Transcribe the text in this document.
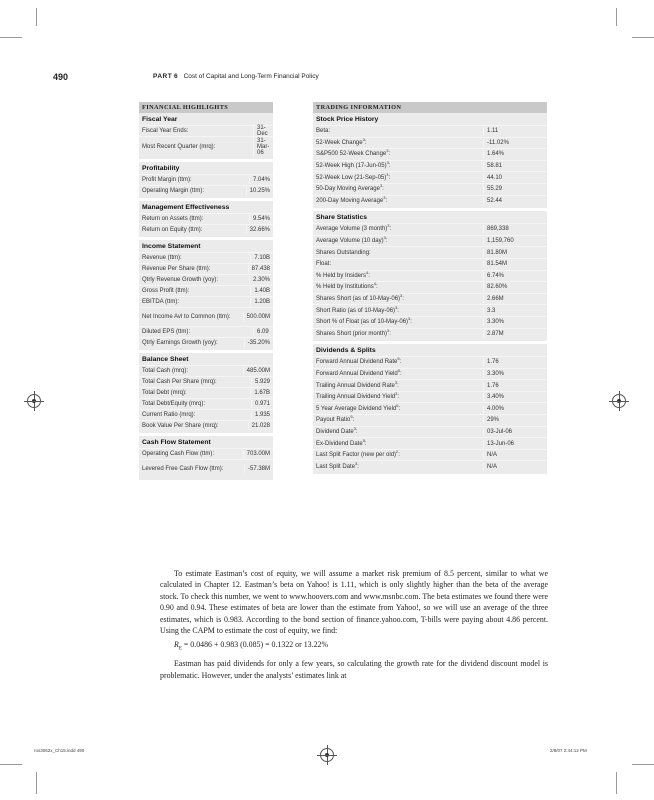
490	PART 6 Cost of Capital and Long-Term Financial Policy
FINANCIAL HIGHLIGHTS
Fiscal Year
Fiscal Year Ends:	31-Dec
Most Recent Quarter (mrq):
31-Mar-06
Profitability
Profit Margin (ttm):	7.04%
Operating Margin (ttm):	10.25%
Management Effectiveness
Return on Assets (ttm):	9.54%
Return on Equity (ttm):	32.66%
Income Statement
Revenue (ttm):	7.10B
Revenue Per Share (ttm):	87.438
Qtrly Revenue Growth (yoy):	2.30%
Gross Profit (ttm):	1.40B
EBITDA (ttm):	1.20B
Net Income Avl to Common (ttm):	500.00M
Diluted EPS (ttm):	6.09
Qtrly Earnings Growth (yoy):	-35.20%
Balance Sheet
Total Cash (mrq):	485.00M
Total Cash Per Share (mrq):	5.929
Total Debt (mrq):	1.67B
Total Debt/Equity (mrq):	0.971
Current Ratio (mrq):	1.935
Book Value Per Share (mrq):	21.028
Cash Flow Statement
Operating Cash Flow (ttm):	703.00M
Levered Free Cash Flow (ttm):	-57.38M
TRADING INFORMATION
Stock Price History
Beta:	1.11
52-Week Change$^3$:	-11.02%
S&P500 52-Week Change$^3$:	1.64%
52-Week High $(17-Jun-05)^3$:	58.81
52-Week Low $(21-Sep-05)^3$:	44.10
50-Day Moving Average$^3$:	55.29
200-Day Moving Average$^3$:	52.44
Share Statistics
Average Volume (3 month)$^3$:	869,338
Average Volume (10 day)$^3$:	1,159,760
Shares Outstanding:	81.80M
Float:	81.54M
% Held by Insiders$^4$:	6.74%
% Held by Institutions$^4$:	82.60%
Shares Short (as of 10-May-06)$^3$:	2.66M
Short Ratio (as of 10-May-06)$^3$:	3.3
Short % of Float (as of 10-May-06)$^3$:	3.30%
Shares Short (prior month)$^3$:	2.87M
Dividends & Splits
Forward Annual Dividend Rate$^5$:	1.76
Forward Annual Dividend Yield$^5$:	3.30%
Trailing Annual Dividend Rate$^3$:	1.76
Trailing Annual Dividend Yield$^3$:	3.40%
5 Year Average Dividend Yield$^6$:	4.00%
Payout Ratio$^5$:	29%
Dividend Date$^3$:	03-Jul-06
Ex-Dividend Date$^5$:	13-Jun-06
Last Split Factor (new per old)$^2$:	N/A
Last Split Date$^3$:	N/A

To estimate Eastman’s cost of equity, we will assume a market risk premium of 8.5 percent, similar to what we calculated in Chapter 12. Eastman’s beta on Yahoo! is 1.11, which is only slightly higher than the beta of the average stock. To check this number, we went to www.hoovers.com and www.msnbc.com. The beta estimates we found there were 0.90 and 0.94. These estimates of beta are lower than the estimate from Yahoo!, so we will use an average of the three estimates, which is 0.983. According to the bond section of finance.yahoo.com, T-bills were paying about 4.86 percent. Using the CAPM to estimate the cost of equity, we find:

$R_E = 0.0486 + 0.983$ (0.085) = 0.1322 or 13.22%

Eastman has paid dividends for only a few years, so calculating the growth rate for the dividend discount model is problematic. However, under the analysts’ estimates link at

ros3062x_Ch15.indd 490	2/8/07 2:44:12 PM
